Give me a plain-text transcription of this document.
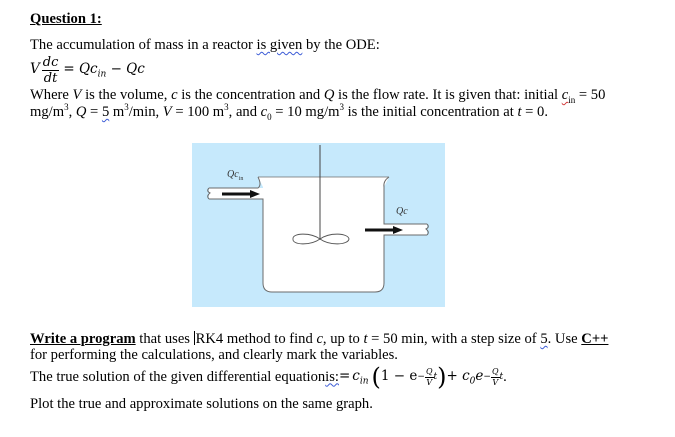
Question 1:
The accumulation of mass in a reactor is given by the ODE:
V $\frac{dc}{dt} = Qc_{in} - Qc$
Where V is the volume, c is the concentration and Q is the flow rate. It is given that: initial $c_{in} = 50$
$mg/m^3$, Q = 5 $m^3/\min$, V = 100 $m^3$, and $c_0 = 10$ $mg/m^3$ is the initial concentration at t = 0.
$Qc_{in}$
Qc
Write a program that uses RK4 method to find c, up to t = 50 min, with a step size of 5. Use C++
for performing the calculations, and clearly mark the variables.
The true solution of the given differential equation is: = $c_{in}$ ( $1 - e - \frac{Q}{V}$ t ) + $c_0e - \frac{Q}{V}$ t .
Plot the true and approximate solutions on the same graph.
